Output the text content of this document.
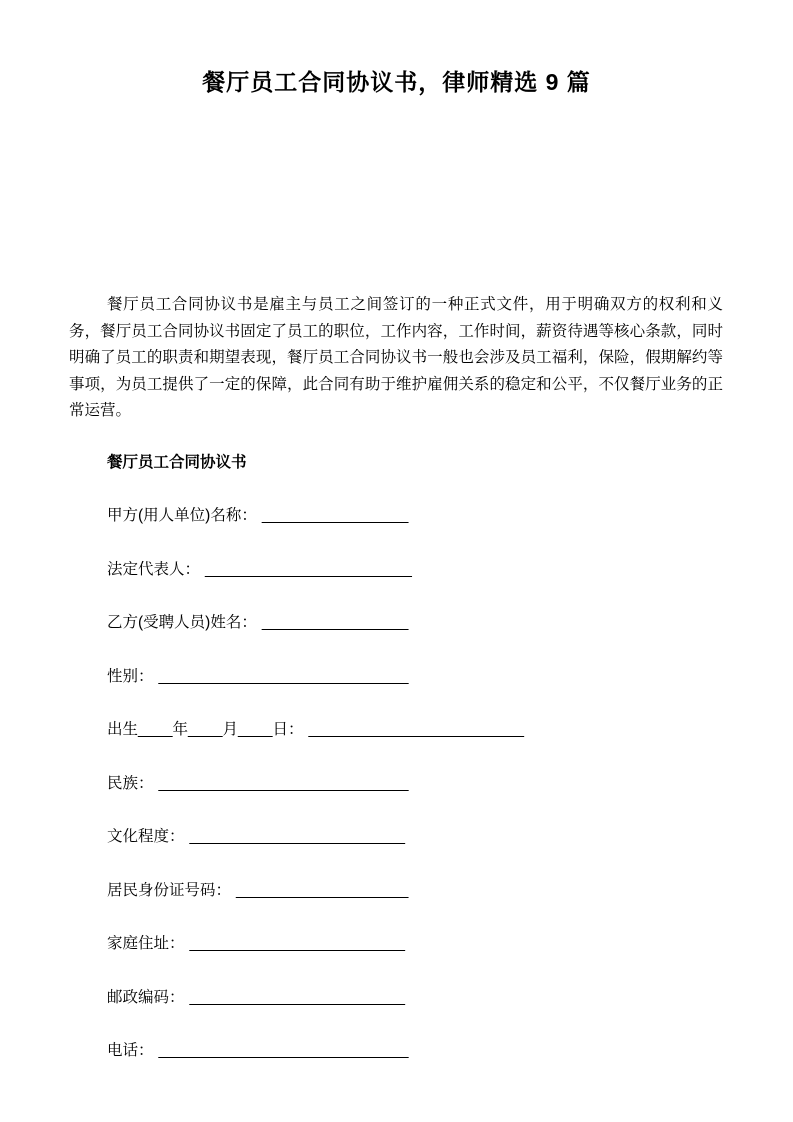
餐厅员工合同协议书，律师精选 9 篇

餐厅员工合同协议书是雇主与员工之间签订的一种正式文件，用于明确双方的权利和义务，餐厅员工合同协议书固定了员工的职位，工作内容，工作时间，薪资待遇等核心条款，同时明确了员工的职责和期望表现，餐厅员工合同协议书一般也会涉及员工福利，保险，假期解约等事项，为员工提供了一定的保障，此合同有助于维护雇佣关系的稳定和公平，不仅餐厅业务的正常运营。

餐厅员工合同协议书
甲方(用人单位)名称： _________________
法定代表人： ________________________
乙方(受聘人员)姓名： _________________
性别： _____________________________
出生____年____月____日： _________________________
民族： _____________________________
文化程度： _________________________
居民身份证号码： ____________________
家庭住址： _________________________
邮政编码： _________________________
电话： _____________________________
